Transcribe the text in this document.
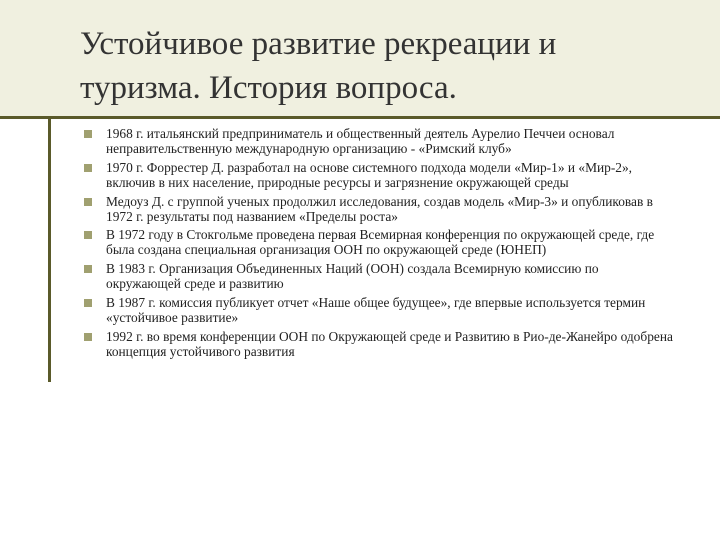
Устойчивое развитие рекреации и туризма. История вопроса.
1968 г. итальянский предприниматель и общественный деятель Аурелио Печчеи основал неправительственную международную организацию - «Римский клуб»
1970 г. Форрестер Д. разработал на основе системного подхода модели «Мир-1» и «Мир-2», включив в них население, природные ресурсы и загрязнение окружающей среды
Медоуз Д. с группой ученых продолжил исследования, создав модель «Мир-3» и опубликовав в 1972 г. результаты под названием «Пределы роста»
В 1972 году в Стокгольме проведена первая Всемирная конференция по окружающей среде, где была создана специальная организация ООН по окружающей среде (ЮНЕП)
В 1983 г. Организация Объединенных Наций (ООН) создала Всемирную комиссию по окружающей среде и развитию
В 1987 г. комиссия публикует отчет «Наше общее будущее», где впервые используется термин «устойчивое развитие»
1992 г. во время конференции ООН по Окружающей среде и Развитию в Рио-де-Жанейро одобрена концепция устойчивого развития
